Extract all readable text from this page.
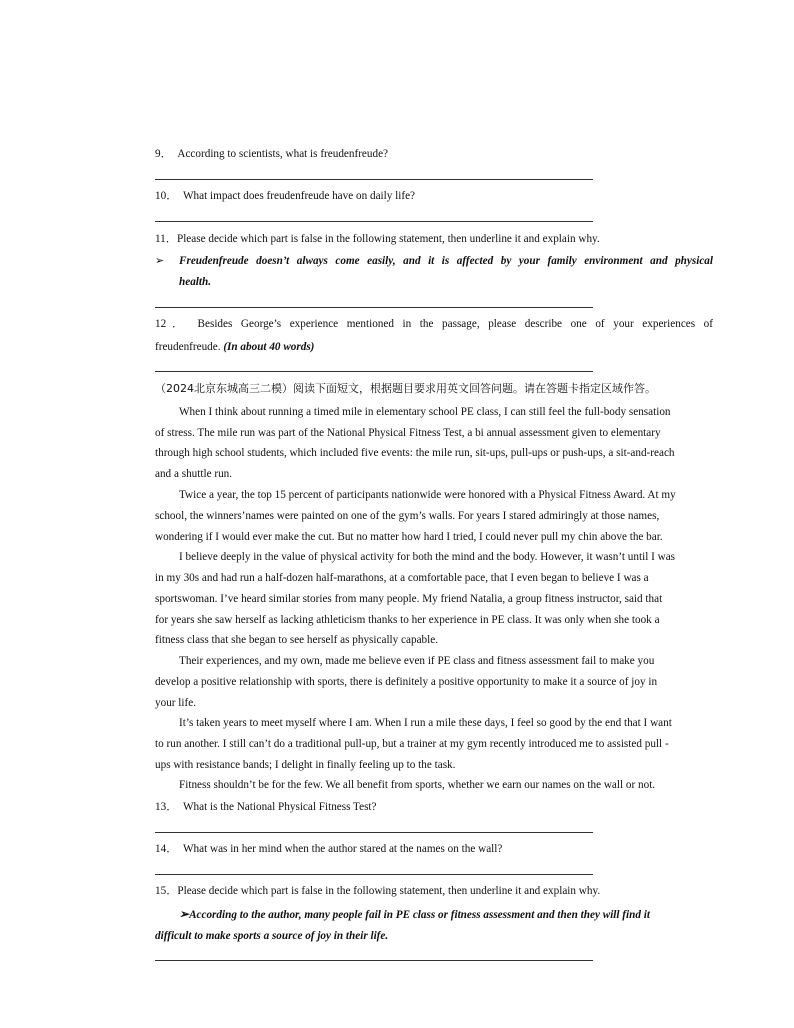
9． According to scientists, what is freudenfreude?
10． What impact does freudenfreude have on daily life?
11．Please decide which part is false in the following statement, then underline it and explain why.
➢ Freudenfreude doesn’t always come easily, and it is affected by your family environment and physical
health.
12． Besides George’s experience mentioned in the passage, please describe one of your experiences of
freudenfreude. (In about 40 words)
（2024北京东城高三二模）阅读下面短文，根据题目要求用英文回答问题。请在答题卡指定区域作答。
When I think about running a timed mile in elementary school PE class, I can still feel the full-body sensation
of stress. The mile run was part of the National Physical Fitness Test, a bi annual assessment given to elementary
through high school students, which included five events: the mile run, sit-ups, pull-ups or push-ups, a sit-and-reach
and a shuttle run.
Twice a year, the top 15 percent of participants nationwide were honored with a Physical Fitness Award. At my
school, the winners’names were painted on one of the gym’s walls. For years I stared admiringly at those names,
wondering if I would ever make the cut. But no matter how hard I tried, I could never pull my chin above the bar.
I believe deeply in the value of physical activity for both the mind and the body. However, it wasn’t until I was
in my 30s and had run a half-dozen half-marathons, at a comfortable pace, that I even began to believe I was a
sportswoman. I’ve heard similar stories from many people. My friend Natalia, a group fitness instructor, said that
for years she saw herself as lacking athleticism thanks to her experience in PE class. It was only when she took a
fitness class that she began to see herself as physically capable.
Their experiences, and my own, made me believe even if PE class and fitness assessment fail to make you
develop a positive relationship with sports, there is definitely a positive opportunity to make it a source of joy in
your life.
It’s taken years to meet myself where I am. When I run a mile these days, I feel so good by the end that I want
to run another. I still can’t do a traditional pull-up, but a trainer at my gym recently introduced me to assisted pull -
ups with resistance bands; I delight in finally feeling up to the task.
Fitness shouldn’t be for the few. We all benefit from sports, whether we earn our names on the wall or not.
13． What is the National Physical Fitness Test?
14． What was in her mind when the author stared at the names on the wall?
15．Please decide which part is false in the following statement, then underline it and explain why.
➢According to the author, many people fail in PE class or fitness assessment and then they will find it
difficult to make sports a source of joy in their life.
